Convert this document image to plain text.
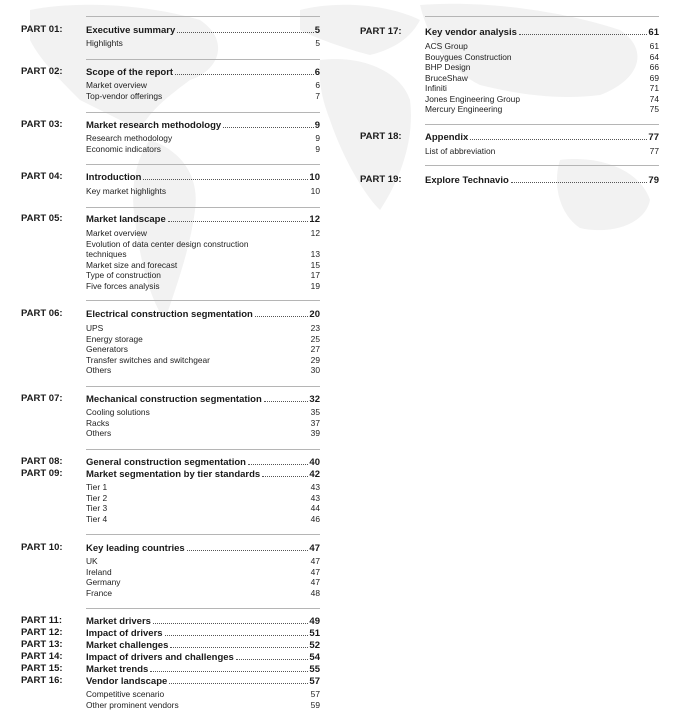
PART 01: Executive summary	5
Highlights	5
PART 02: Scope of the report	6
Market overview	6
Top-vendor offerings	7
PART 03: Market research methodology	9
Research methodology	9
Economic indicators	9
PART 04: Introduction	10
Key market highlights	10
PART 05: Market landscape	12
Market overview	12
Evolution of data center design construction
techniques	13
Market size and forecast	15
Type of construction	17
Five forces analysis	19
PART 06: Electrical construction segmentation	20
UPS	23
Energy storage	25
Generators	27
Transfer switches and switchgear	29
Others	30
PART 07: Mechanical construction segmentation	32
Cooling solutions	35
Racks	37
Others	39
PART 08: General construction segmentation	40
PART 09: Market segmentation by tier standards	42
Tier 1	43
Tier 2	43
Tier 3	44
Tier 4	46
PART 10: Key leading countries	47
UK	47
Ireland	47
Germany	47
France	48
PART 11:	Market drivers	49
PART 12: Impact of drivers	51
PART 13: Market challenges	52
PART 14: Impact of drivers and challenges	54
PART 15: Market trends	55
PART 16: Vendor landscape	57
Competitive scenario	57
Other prominent vendors	59
PART 17: Key vendor analysis	61
ACS Group	61
Bouygues Construction	64
BHP Design	66
BruceShaw	69
Infiniti	71
Jones Engineering Group	74
Mercury Engineering	75
PART 18: Appendix	77
List of abbreviation	77
PART 19: Explore Technavio	79
